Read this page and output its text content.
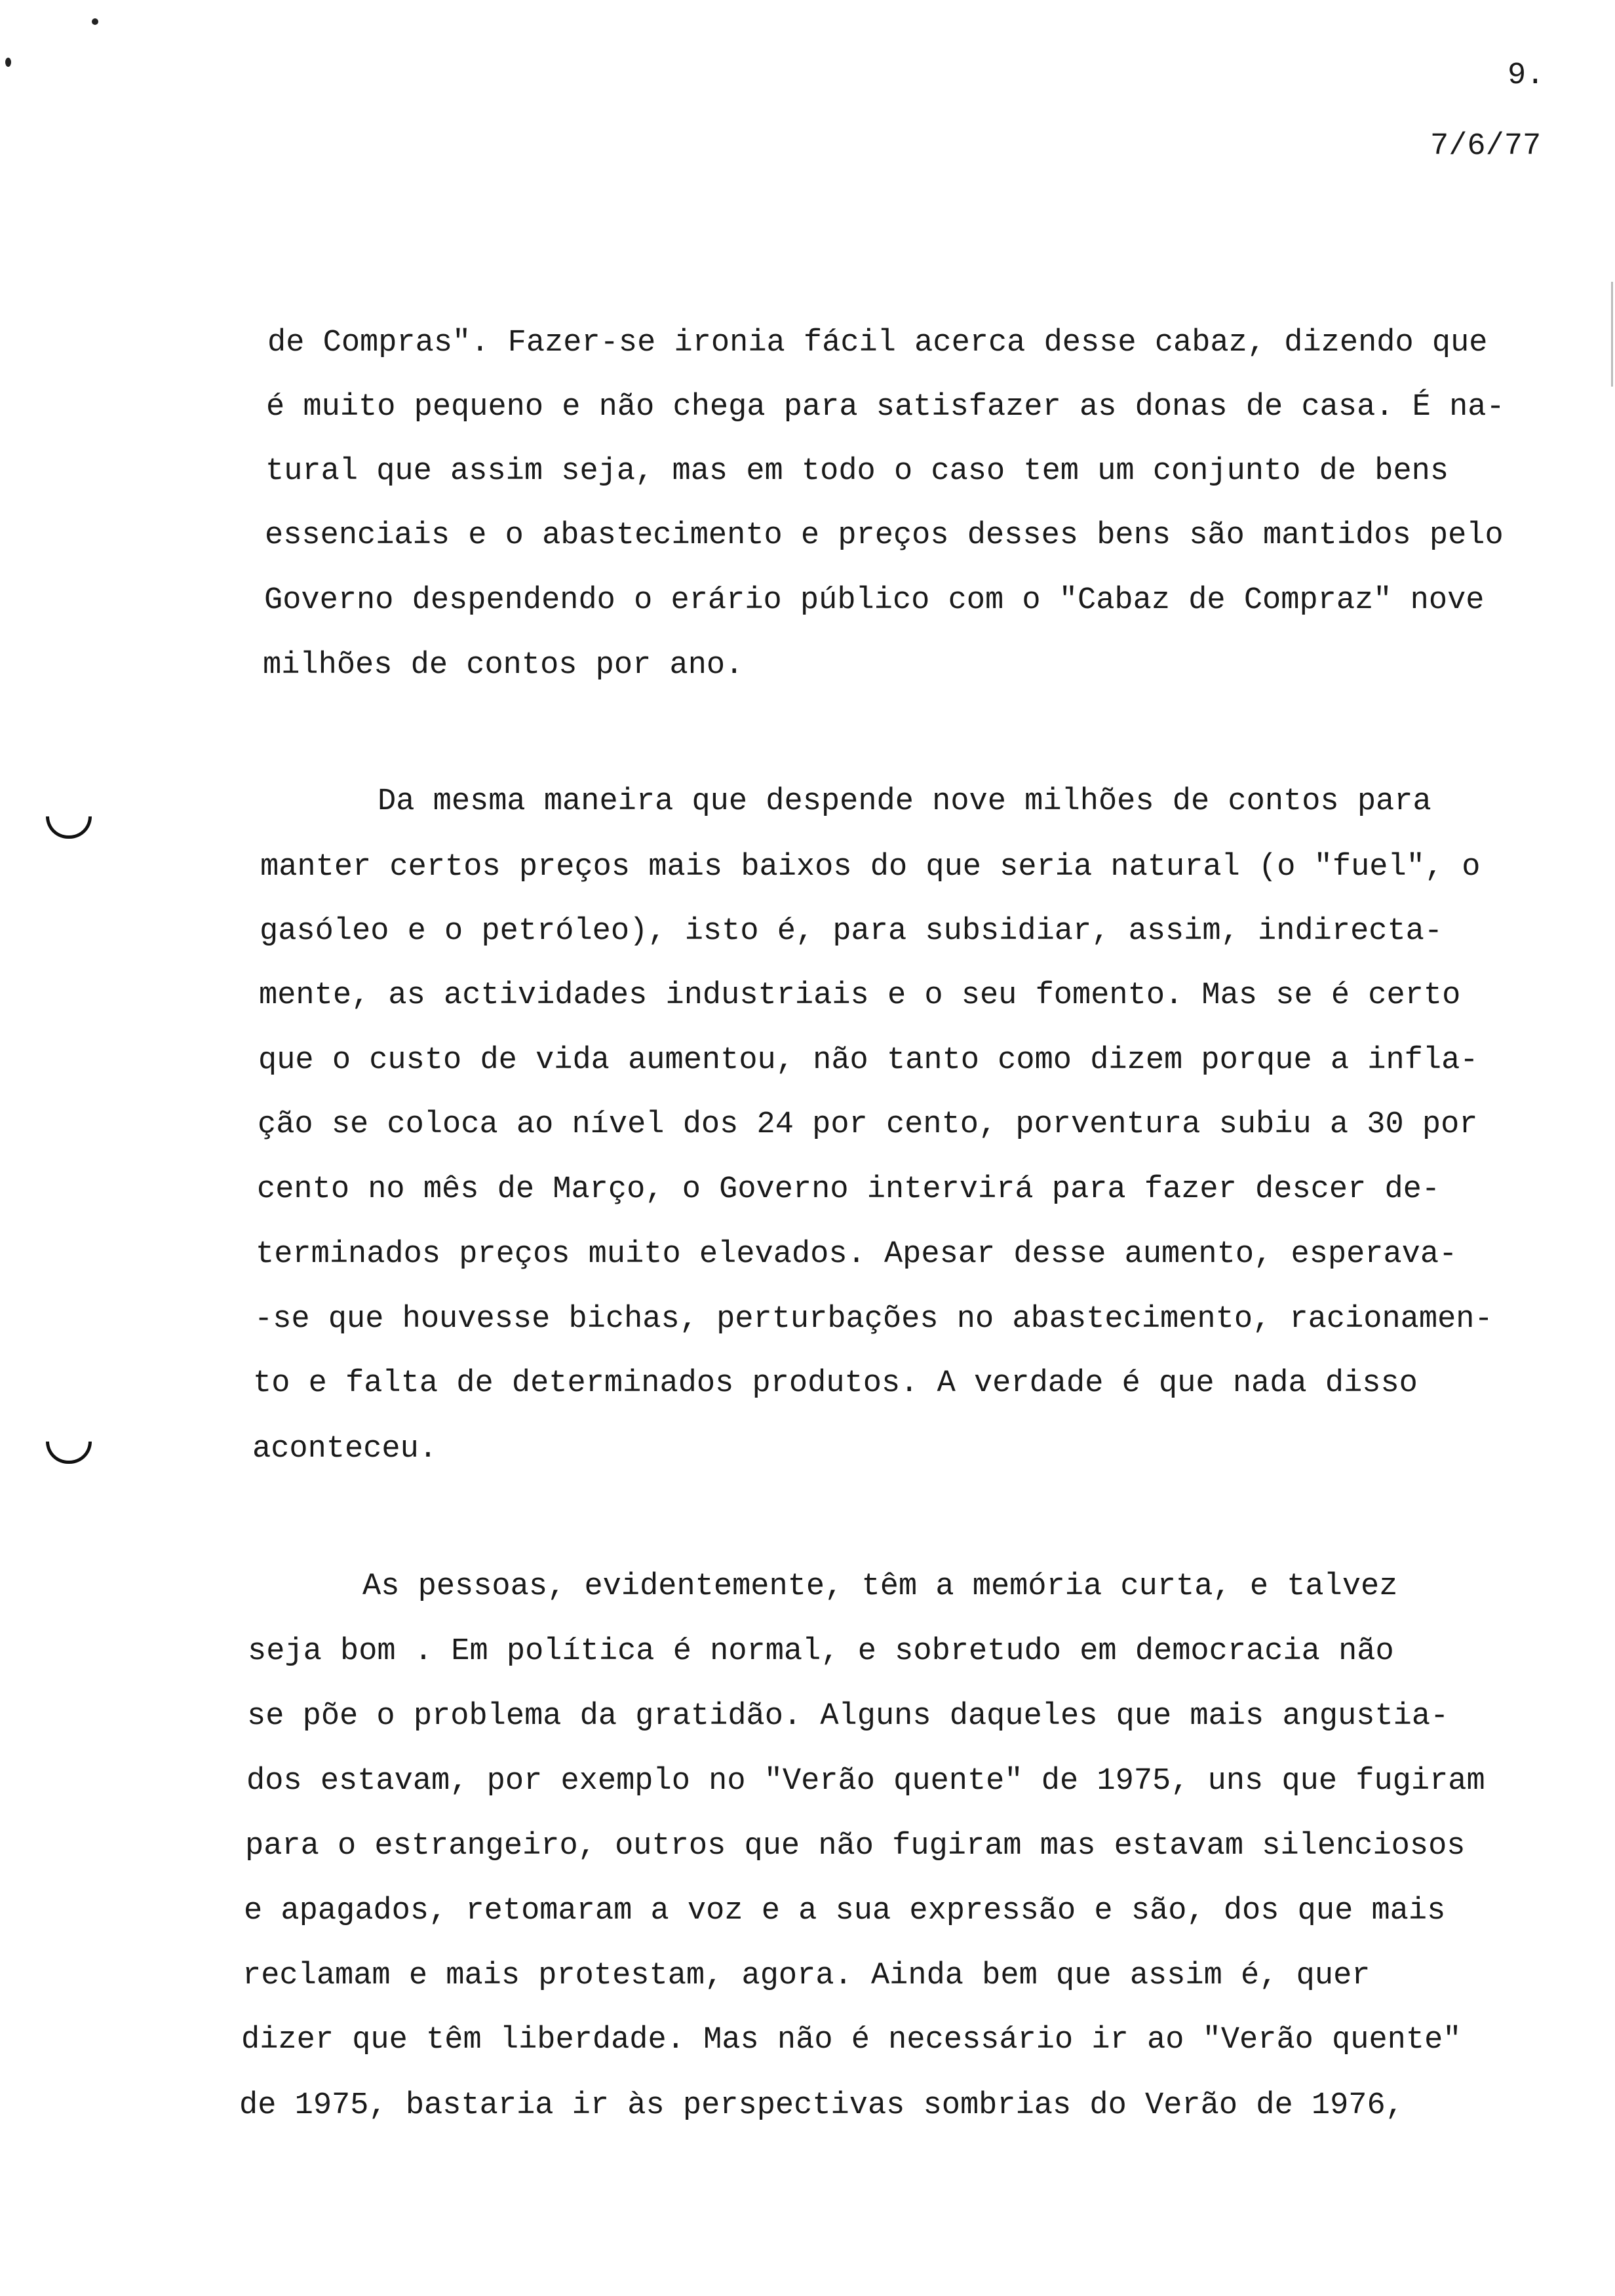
9.
7/6/77
de Compras". Fazer-se ironia fácil acerca desse cabaz, dizendo que
é muito pequeno e não chega para satisfazer as donas de casa. É na-
tural que assim seja, mas em todo o caso tem um conjunto de bens
essenciais e o abastecimento e preços desses bens são mantidos pelo
Governo despendendo o erário público com o "Cabaz de Compraz" nove
milhões de contos por ano.
Da mesma maneira que despende nove milhões de contos para
manter certos preços mais baixos do que seria natural (o "fuel", o
gasóleo e o petróleo), isto é, para subsidiar, assim, indirecta-
mente, as actividades industriais e o seu fomento. Mas se é certo
que o custo de vida aumentou, não tanto como dizem porque a infla-
ção se coloca ao nível dos 24 por cento, porventura subiu a 30 por
cento no mês de Março, o Governo intervirá para fazer descer de-
terminados preços muito elevados. Apesar desse aumento, esperava-
-se que houvesse bichas, perturbações no abastecimento, racionamen-
to e falta de determinados produtos. A verdade é que nada disso
aconteceu.
As pessoas, evidentemente, têm a memória curta, e talvez
seja bom . Em política é normal, e sobretudo em democracia não
se põe o problema da gratidão. Alguns daqueles que mais angustia-
dos estavam, por exemplo no "Verão quente" de 1975, uns que fugiram
para o estrangeiro, outros que não fugiram mas estavam silenciosos
e apagados, retomaram a voz e a sua expressão e são, dos que mais
reclamam e mais protestam, agora. Ainda bem que assim é, quer
dizer que têm liberdade. Mas não é necessário ir ao "Verão quente"
de 1975, bastaria ir às perspectivas sombrias do Verão de 1976,
